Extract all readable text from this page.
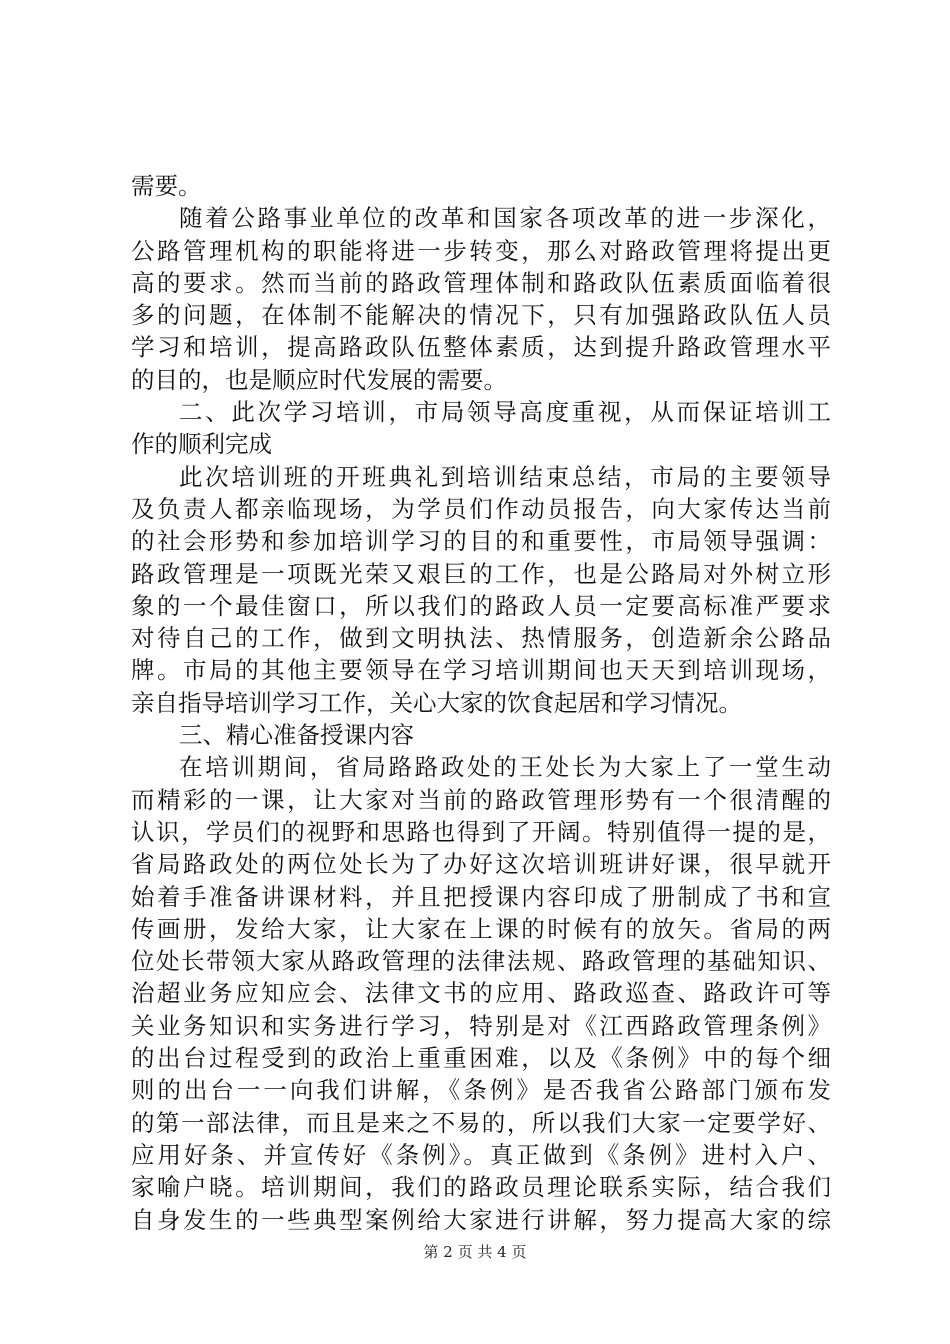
需要。
随着公路事业单位的改革和国家各项改革的进一步深化，
公路管理机构的职能将进一步转变，那么对路政管理将提出更
高的要求。然而当前的路政管理体制和路政队伍素质面临着很
多的问题，在体制不能解决的情况下，只有加强路政队伍人员
学习和培训，提高路政队伍整体素质，达到提升路政管理水平
的目的，也是顺应时代发展的需要。
二、此次学习培训，市局领导高度重视，从而保证培训工
作的顺利完成
此次培训班的开班典礼到培训结束总结，市局的主要领导
及负责人都亲临现场，为学员们作动员报告，向大家传达当前
的社会形势和参加培训学习的目的和重要性，市局领导强调：
路政管理是一项既光荣又艰巨的工作，也是公路局对外树立形
象的一个最佳窗口，所以我们的路政人员一定要高标准严要求
对待自己的工作，做到文明执法、热情服务，创造新余公路品
牌。市局的其他主要领导在学习培训期间也天天到培训现场，
亲自指导培训学习工作，关心大家的饮食起居和学习情况。
三、精心准备授课内容
在培训期间，省局路路政处的王处长为大家上了一堂生动
而精彩的一课，让大家对当前的路政管理形势有一个很清醒的
认识，学员们的视野和思路也得到了开阔。特别值得一提的是，
省局路政处的两位处长为了办好这次培训班讲好课，很早就开
始着手准备讲课材料，并且把授课内容印成了册制成了书和宣
传画册，发给大家，让大家在上课的时候有的放矢。省局的两
位处长带领大家从路政管理的法律法规、路政管理的基础知识、
治超业务应知应会、法律文书的应用、路政巡查、路政许可等
关业务知识和实务进行学习，特别是对《江西路政管理条例》
的出台过程受到的政治上重重困难，以及《条例》中的每个细
则的出台一一向我们讲解，《条例》是否我省公路部门颁布发
的第一部法律，而且是来之不易的，所以我们大家一定要学好、
应用好条、并宣传好《条例》。真正做到《条例》进村入户、
家喻户晓。培训期间，我们的路政员理论联系实际，结合我们
自身发生的一些典型案例给大家进行讲解，努力提高大家的综
第 2 页 共 4 页
